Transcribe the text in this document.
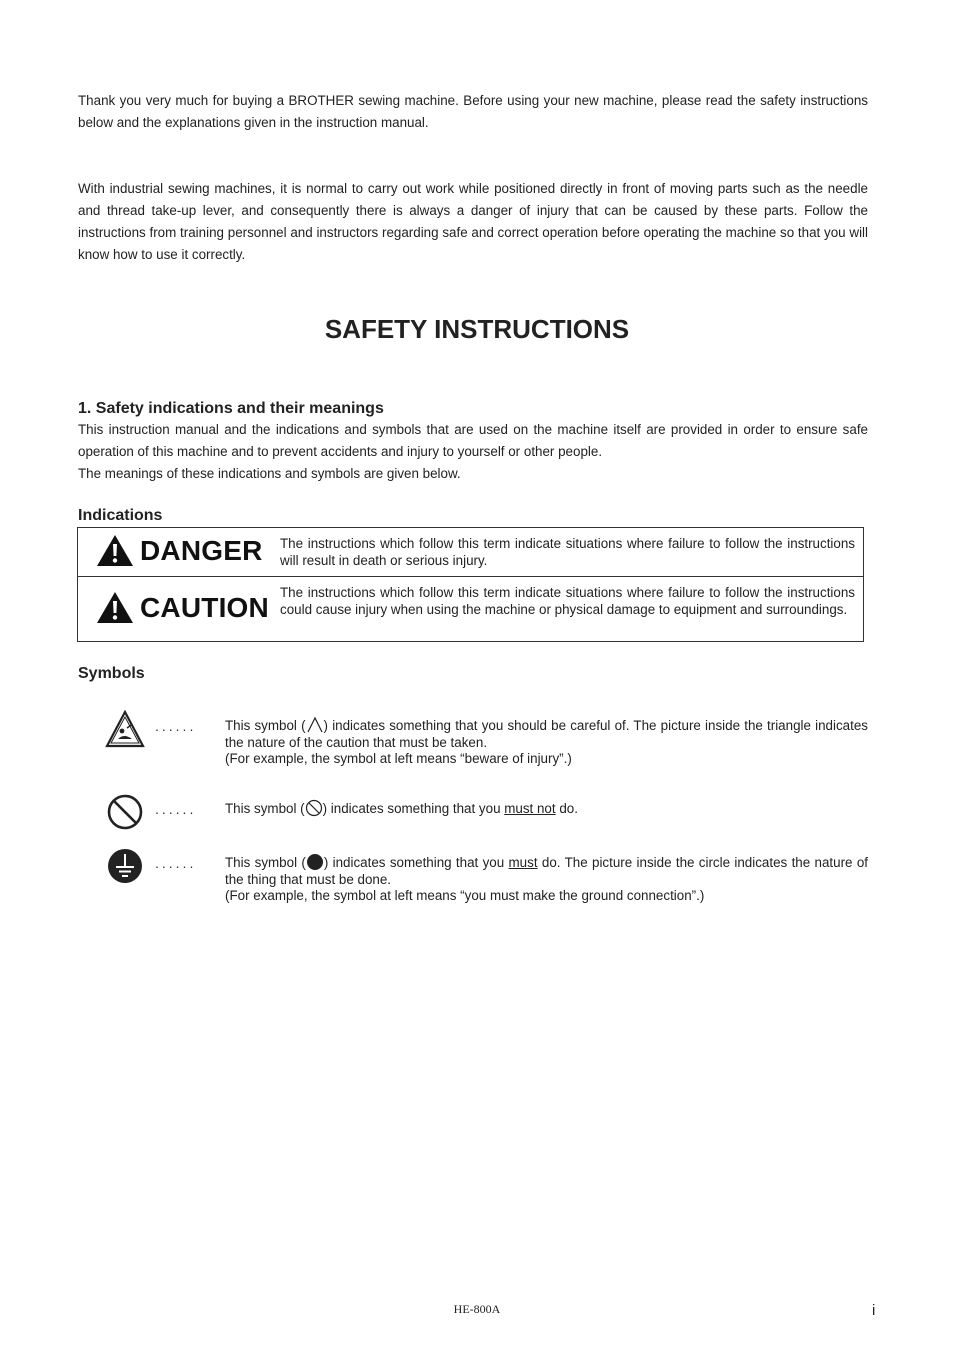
Thank you very much for buying a BROTHER sewing machine. Before using your new machine, please read the safety instructions below and the explanations given in the instruction manual.

With industrial sewing machines, it is normal to carry out work while positioned directly in front of moving parts such as the needle and thread take-up lever, and consequently there is always a danger of injury that can be caused by these parts. Follow the instructions from training personnel and instructors regarding safe and correct operation before operating the machine so that you will know how to use it correctly.

SAFETY INSTRUCTIONS
1. Safety indications and their meanings

This instruction manual and the indications and symbols that are used on the machine itself are provided in order to ensure safe operation of this machine and to prevent accidents and injury to yourself or other people.

The meanings of these indications and symbols are given below.

Indications
DANGER The instructions which follow this term indicate situations where failure to follow the instructions will result in death or serious injury.

CAUTION The instructions which follow this term indicate situations where failure to follow the instructions could cause injury when using the machine or physical damage to equipment and surroundings.
Symbols
...... This symbol ( ) indicates something that you should be careful of. The picture inside the triangle indicates the nature of the caution that must be taken.
(For example, the symbol at left means “beware of injury”.)
...... This symbol ( ) indicates something that you must not do.
...... This symbol ( ) indicates something that you must do. The picture inside the circle indicates the nature of the thing that must be done.
(For example, the symbol at left means “you must make the ground connection”.)
HE-800A	i
